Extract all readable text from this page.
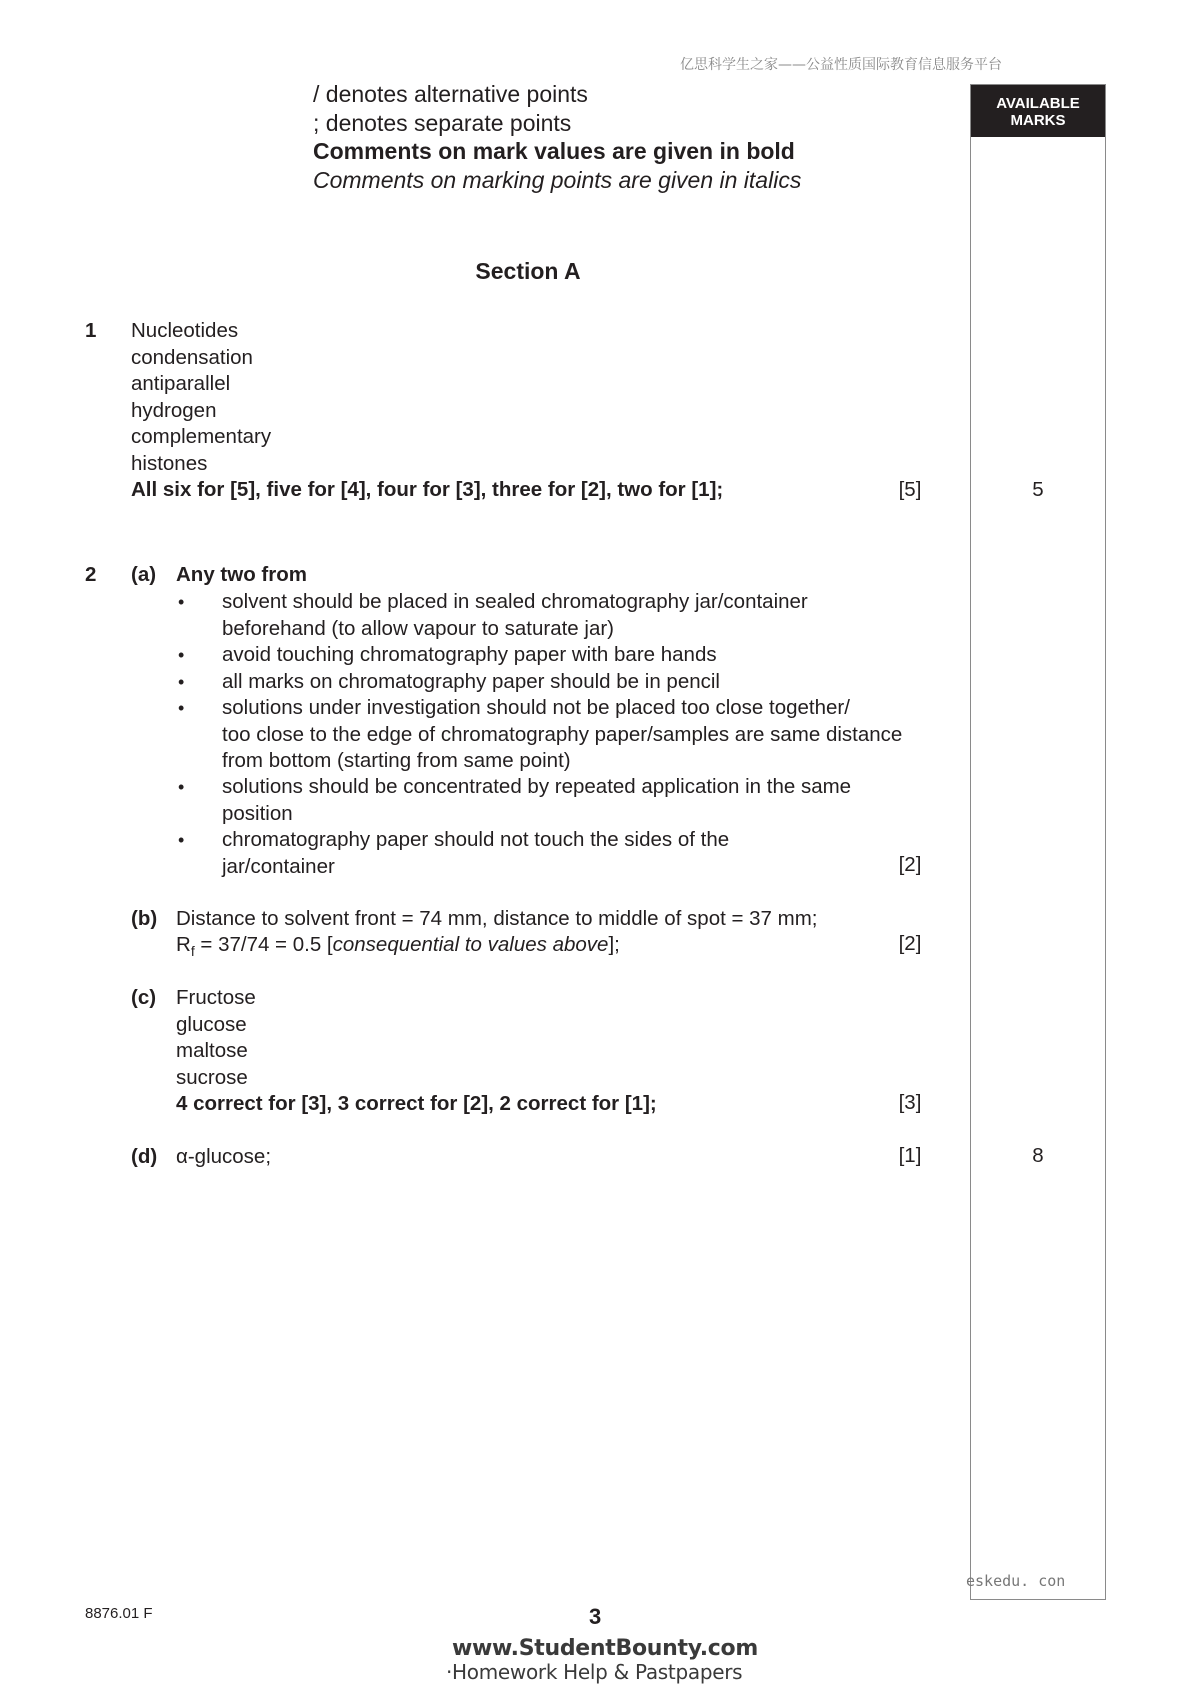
亿思科学生之家——公益性质国际教育信息服务平台
AVAILABLE
MARKS
/ denotes alternative points
; denotes separate points
Comments on mark values are given in bold
Comments on marking points are given in italics
Section A
1 Nucleotides
condensation
antiparallel
hydrogen
complementary
histones
All six for [5], five for [4], four for [3], three for [2], two for [1];	[5]	5
2 (a) Any two from
• solvent should be placed in sealed chromatography jar/container
beforehand (to allow vapour to saturate jar)
• avoid touching chromatography paper with bare hands
• all marks on chromatography paper should be in pencil
• solutions under investigation should not be placed too close together/
too close to the edge of chromatography paper/samples are same distance
from bottom (starting from same point)
• solutions should be concentrated by repeated application in the same
position
• chromatography paper should not touch the sides of the
jar/container	[2]
(b) Distance to solvent front = 74 mm, distance to middle of spot = 37 mm;
$R_f = 37/74 = 0.5$ [consequential to values above];	[2]
(c) Fructose
glucose
maltose
sucrose
4 correct for [3], 3 correct for [2], 2 correct for [1];	[3]
(d) α-glucose;	[1]	8
eskedu. con
8876.01 F	3
www.StudentBounty.com
·Homework Help & Pastpapers
